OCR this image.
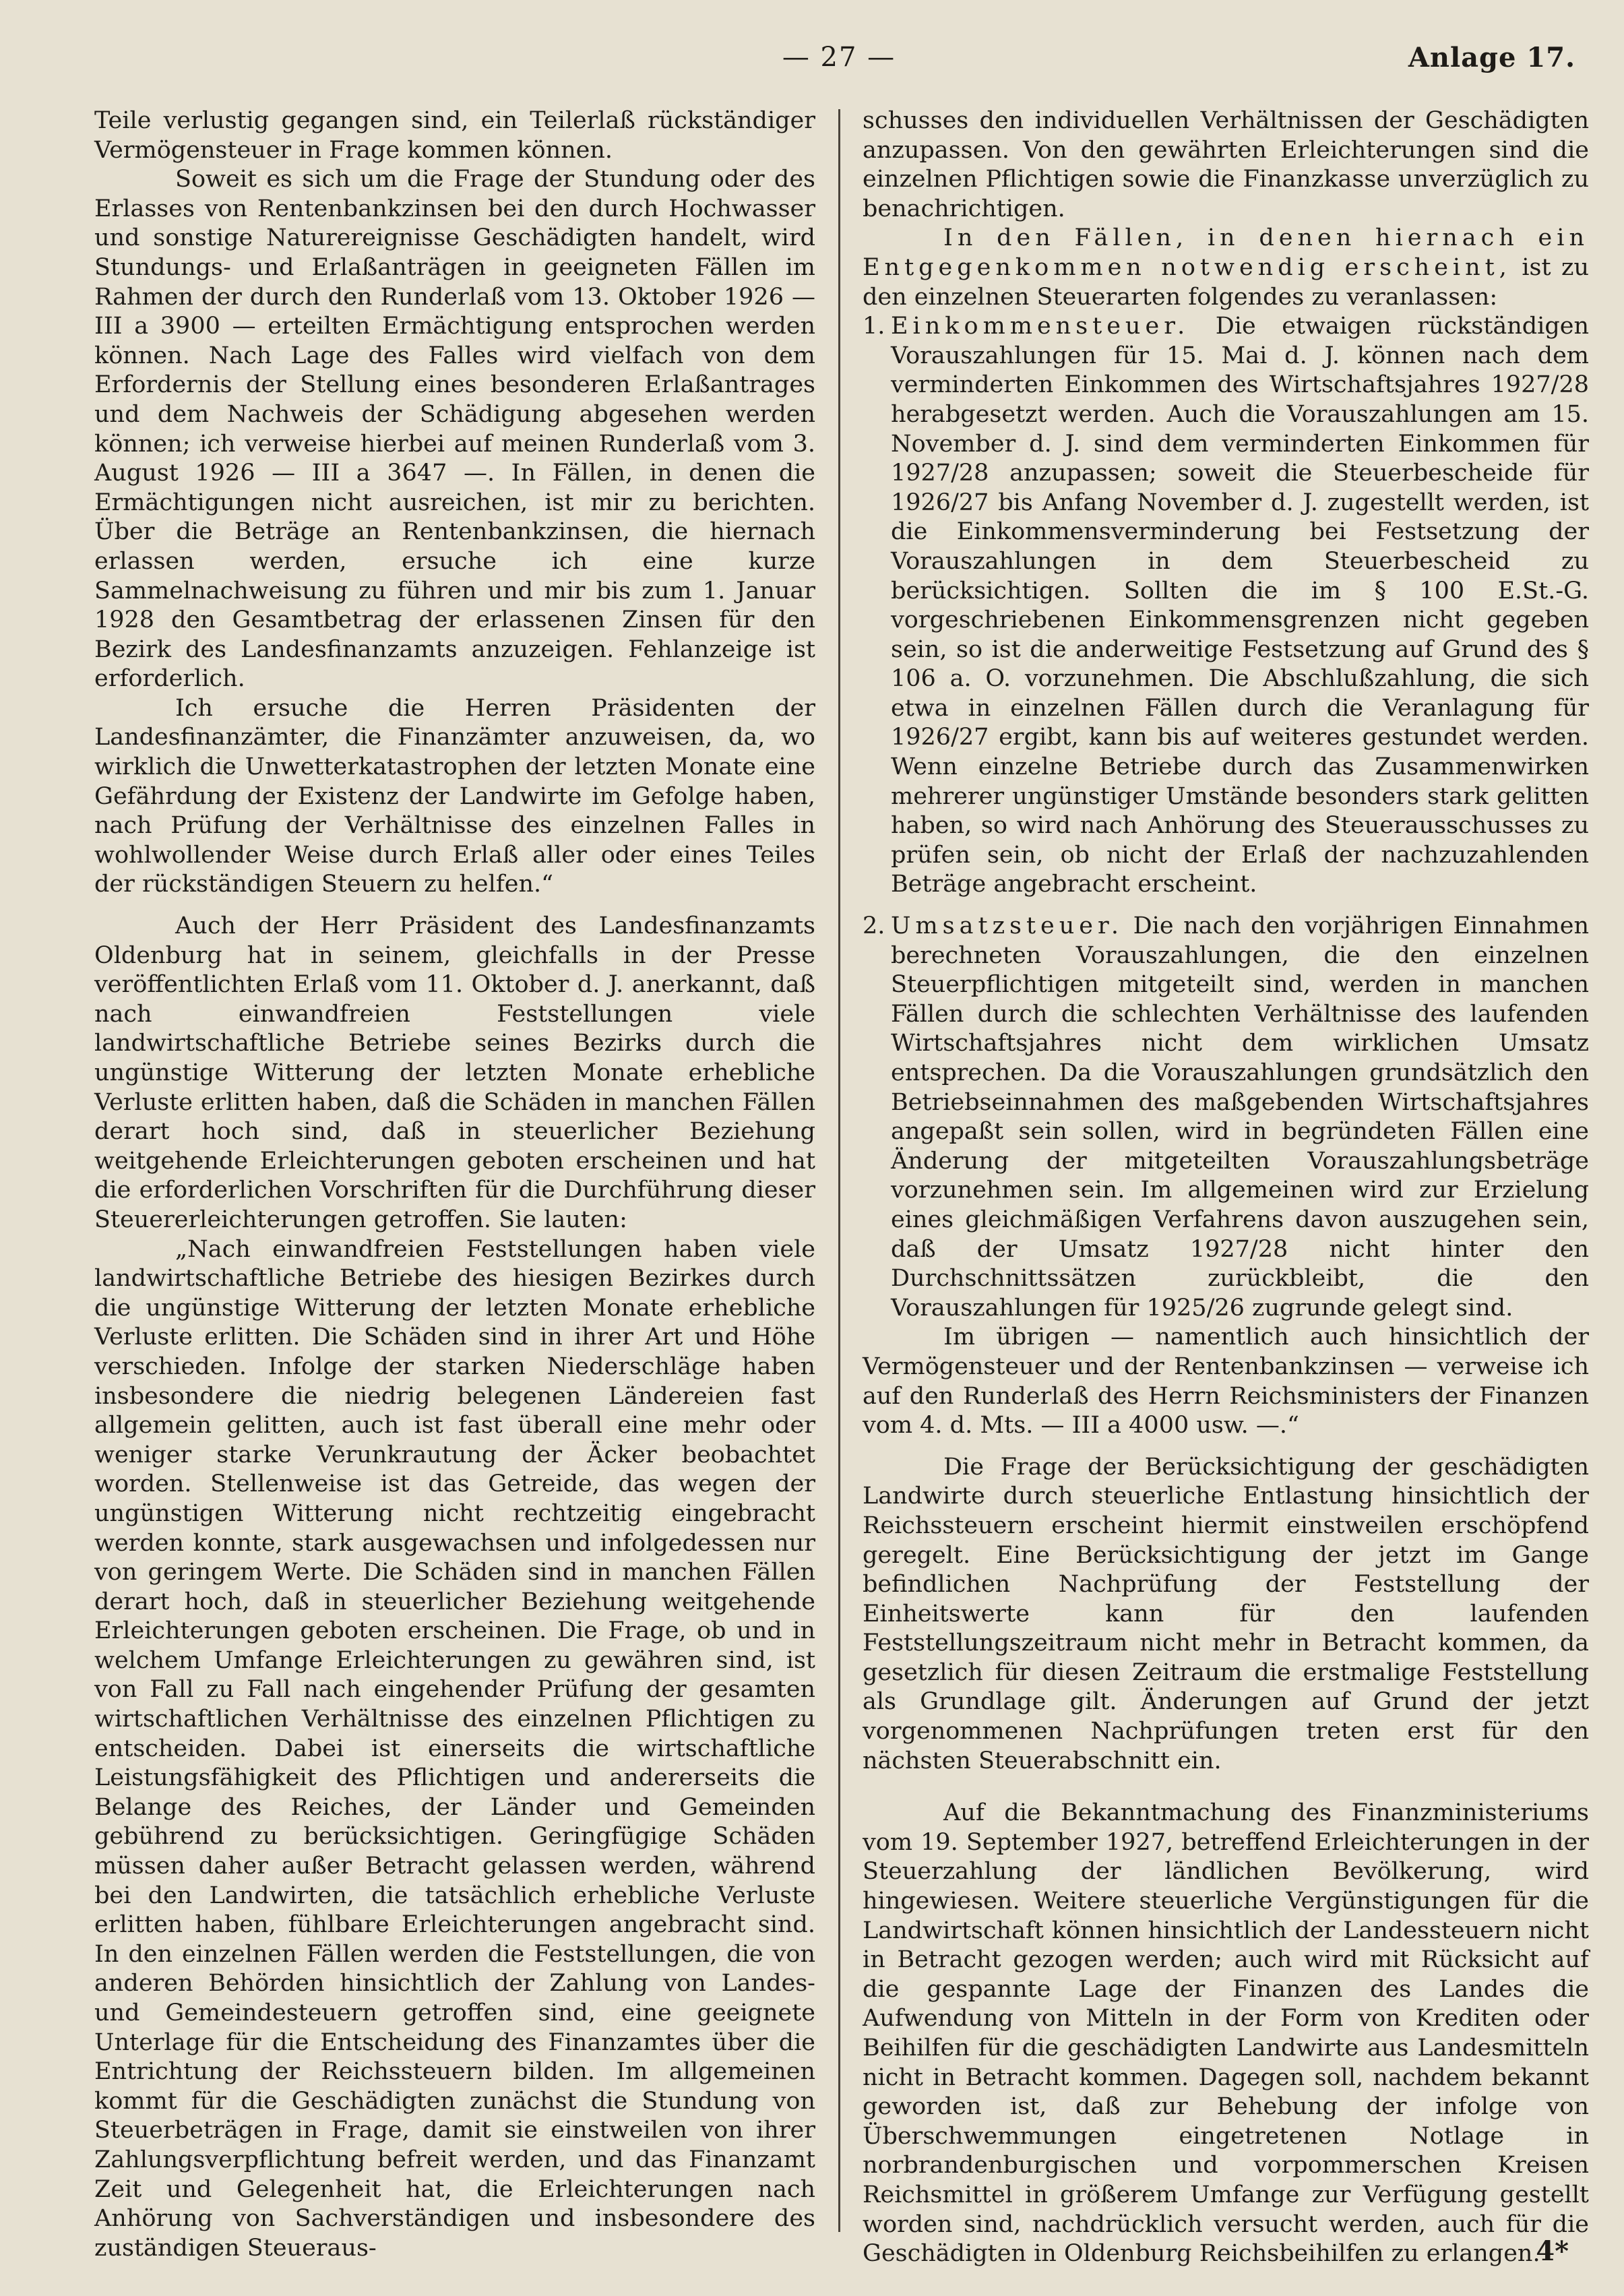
— 27 —	Anlage 17.

Teile verlustig gegangen sind, ein Teilerlaß rückständiger Vermögensteuer in Frage kommen können.

Soweit es sich um die Frage der Stundung oder des Erlasses von Rentenbankzinsen bei den durch Hochwasser und sonstige Naturereignisse Geschädigten handelt, wird Stundungs- und Erlaßanträgen in geeigneten Fällen im Rahmen der durch den Runderlaß vom 13. Oktober 1926 — III a 3900 — erteilten Ermächtigung entsprochen werden können. Nach Lage des Falles wird vielfach von dem Erfordernis der Stellung eines besonderen Erlaßantrages und dem Nachweis der Schädigung abgesehen werden können; ich verweise hierbei auf meinen Runderlaß vom 3. August 1926 — III a 3647 —. In Fällen, in denen die Ermächtigungen nicht ausreichen, ist mir zu berichten. Über die Beträge an Rentenbankzinsen, die hiernach erlassen werden, ersuche ich eine kurze Sammelnachweisung zu führen und mir bis zum 1. Januar 1928 den Gesamtbetrag der erlassenen Zinsen für den Bezirk des Landesfinanzamts anzuzeigen. Fehlanzeige ist erforderlich.

Ich ersuche die Herren Präsidenten der Landesfinanzämter, die Finanzämter anzuweisen, da, wo wirklich die Unwetterkatastrophen der letzten Monate eine Gefährdung der Existenz der Landwirte im Gefolge haben, nach Prüfung der Verhältnisse des einzelnen Falles in wohlwollender Weise durch Erlaß aller oder eines Teiles der rückständigen Steuern zu helfen.“

Auch der Herr Präsident des Landesfinanzamts Oldenburg hat in seinem, gleichfalls in der Presse veröffentlichten Erlaß vom 11. Oktober d. J. anerkannt, daß nach einwandfreien Feststellungen viele landwirtschaftliche Betriebe seines Bezirks durch die ungünstige Witterung der letzten Monate erhebliche Verluste erlitten haben, daß die Schäden in manchen Fällen derart hoch sind, daß in steuerlicher Beziehung weitgehende Erleichterungen geboten erscheinen und hat die erforderlichen Vorschriften für die Durchführung dieser Steuererleichterungen getroffen. Sie lauten:

„Nach einwandfreien Feststellungen haben viele landwirtschaftliche Betriebe des hiesigen Bezirkes durch die ungünstige Witterung der letzten Monate erhebliche Verluste erlitten. Die Schäden sind in ihrer Art und Höhe verschieden. Infolge der starken Niederschläge haben insbesondere die niedrig belegenen Ländereien fast allgemein gelitten, auch ist fast überall eine mehr oder weniger starke Verunkrautung der Äcker beobachtet worden. Stellenweise ist das Getreide, das wegen der ungünstigen Witterung nicht rechtzeitig eingebracht werden konnte, stark ausgewachsen und infolgedessen nur von geringem Werte. Die Schäden sind in manchen Fällen derart hoch, daß in steuerlicher Beziehung weitgehende Erleichterungen geboten erscheinen. Die Frage, ob und in welchem Umfange Erleichterungen zu gewähren sind, ist von Fall zu Fall nach eingehender Prüfung der gesamten wirtschaftlichen Verhältnisse des einzelnen Pflichtigen zu entscheiden. Dabei ist einerseits die wirtschaftliche Leistungsfähigkeit des Pflichtigen und andererseits die Belange des Reiches, der Länder und Gemeinden gebührend zu berücksichtigen. Geringfügige Schäden müssen daher außer Betracht gelassen werden, während bei den Landwirten, die tatsächlich erhebliche Verluste erlitten haben, fühlbare Erleichterungen angebracht sind. In den einzelnen Fällen werden die Feststellungen, die von anderen Behörden hinsichtlich der Zahlung von Landes- und Gemeindesteuern getroffen sind, eine geeignete Unterlage für die Entscheidung des Finanzamtes über die Entrichtung der Reichssteuern bilden. Im allgemeinen kommt für die Geschädigten zunächst die Stundung von Steuerbeträgen in Frage, damit sie einstweilen von ihrer Zahlungsverpflichtung befreit werden, und das Finanzamt Zeit und Gelegenheit hat, die Erleichterungen nach Anhörung von Sachverständigen und insbesondere des zuständigen Steueraus-

schusses den individuellen Verhältnissen der Geschädigten anzupassen. Von den gewährten Erleichterungen sind die einzelnen Pflichtigen sowie die Finanzkasse unverzüglich zu benachrichtigen.

In den Fällen, in denen hiernach ein Entgegenkommen notwendig erscheint, ist zu den einzelnen Steuerarten folgendes zu veranlassen:

1. Einkommensteuer. Die etwaigen rückständigen Vorauszahlungen für 15. Mai d. J. können nach dem verminderten Einkommen des Wirtschaftsjahres 1927/28 herabgesetzt werden. Auch die Vorauszahlungen am 15. November d. J. sind dem verminderten Einkommen für 1927/28 anzupassen; soweit die Steuerbescheide für 1926/27 bis Anfang November d. J. zugestellt werden, ist die Einkommensverminderung bei Festsetzung der Vorauszahlungen in dem Steuerbescheid zu berücksichtigen. Sollten die im § 100 E.St.-G. vorgeschriebenen Einkommensgrenzen nicht gegeben sein, so ist die anderweitige Festsetzung auf Grund des § 106 a. O. vorzunehmen. Die Abschlußzahlung, die sich etwa in einzelnen Fällen durch die Veranlagung für 1926/27 ergibt, kann bis auf weiteres gestundet werden. Wenn einzelne Betriebe durch das Zusammenwirken mehrerer ungünstiger Umstände besonders stark gelitten haben, so wird nach Anhörung des Steuerausschusses zu prüfen sein, ob nicht der Erlaß der nachzuzahlenden Beträge angebracht erscheint.

2. Umsatzsteuer. Die nach den vorjährigen Einnahmen berechneten Vorauszahlungen, die den einzelnen Steuerpflichtigen mitgeteilt sind, werden in manchen Fällen durch die schlechten Verhältnisse des laufenden Wirtschaftsjahres nicht dem wirklichen Umsatz entsprechen. Da die Vorauszahlungen grundsätzlich den Betriebseinnahmen des maßgebenden Wirtschaftsjahres angepaßt sein sollen, wird in begründeten Fällen eine Änderung der mitgeteilten Vorauszahlungsbeträge vorzunehmen sein. Im allgemeinen wird zur Erzielung eines gleichmäßigen Verfahrens davon auszugehen sein, daß der Umsatz 1927/28 nicht hinter den Durchschnittssätzen zurückbleibt, die den Vorauszahlungen für 1925/26 zugrunde gelegt sind.

Im übrigen — namentlich auch hinsichtlich der Vermögensteuer und der Rentenbankzinsen — verweise ich auf den Runderlaß des Herrn Reichsministers der Finanzen vom 4. d. Mts. — III a 4000 usw. —.“

Die Frage der Berücksichtigung der geschädigten Landwirte durch steuerliche Entlastung hinsichtlich der Reichssteuern erscheint hiermit einstweilen erschöpfend geregelt. Eine Berücksichtigung der jetzt im Gange befindlichen Nachprüfung der Feststellung der Einheitswerte kann für den laufenden Feststellungszeitraum nicht mehr in Betracht kommen, da gesetzlich für diesen Zeitraum die erstmalige Feststellung als Grundlage gilt. Änderungen auf Grund der jetzt vorgenommenen Nachprüfungen treten erst für den nächsten Steuerabschnitt ein.

Auf die Bekanntmachung des Finanzministeriums vom 19. September 1927, betreffend Erleichterungen in der Steuerzahlung der ländlichen Bevölkerung, wird hingewiesen. Weitere steuerliche Vergünstigungen für die Landwirtschaft können hinsichtlich der Landessteuern nicht in Betracht gezogen werden; auch wird mit Rücksicht auf die gespannte Lage der Finanzen des Landes die Aufwendung von Mitteln in der Form von Krediten oder Beihilfen für die geschädigten Landwirte aus Landesmitteln nicht in Betracht kommen. Dagegen soll, nachdem bekannt geworden ist, daß zur Behebung der infolge von Überschwemmungen eingetretenen Notlage in norbrandenburgischen und vorpommerschen Kreisen Reichsmittel in größerem Umfange zur Verfügung gestellt worden sind, nachdrücklich versucht werden, auch für die Geschädigten in Oldenburg Reichsbeihilfen zu erlangen.

4*
